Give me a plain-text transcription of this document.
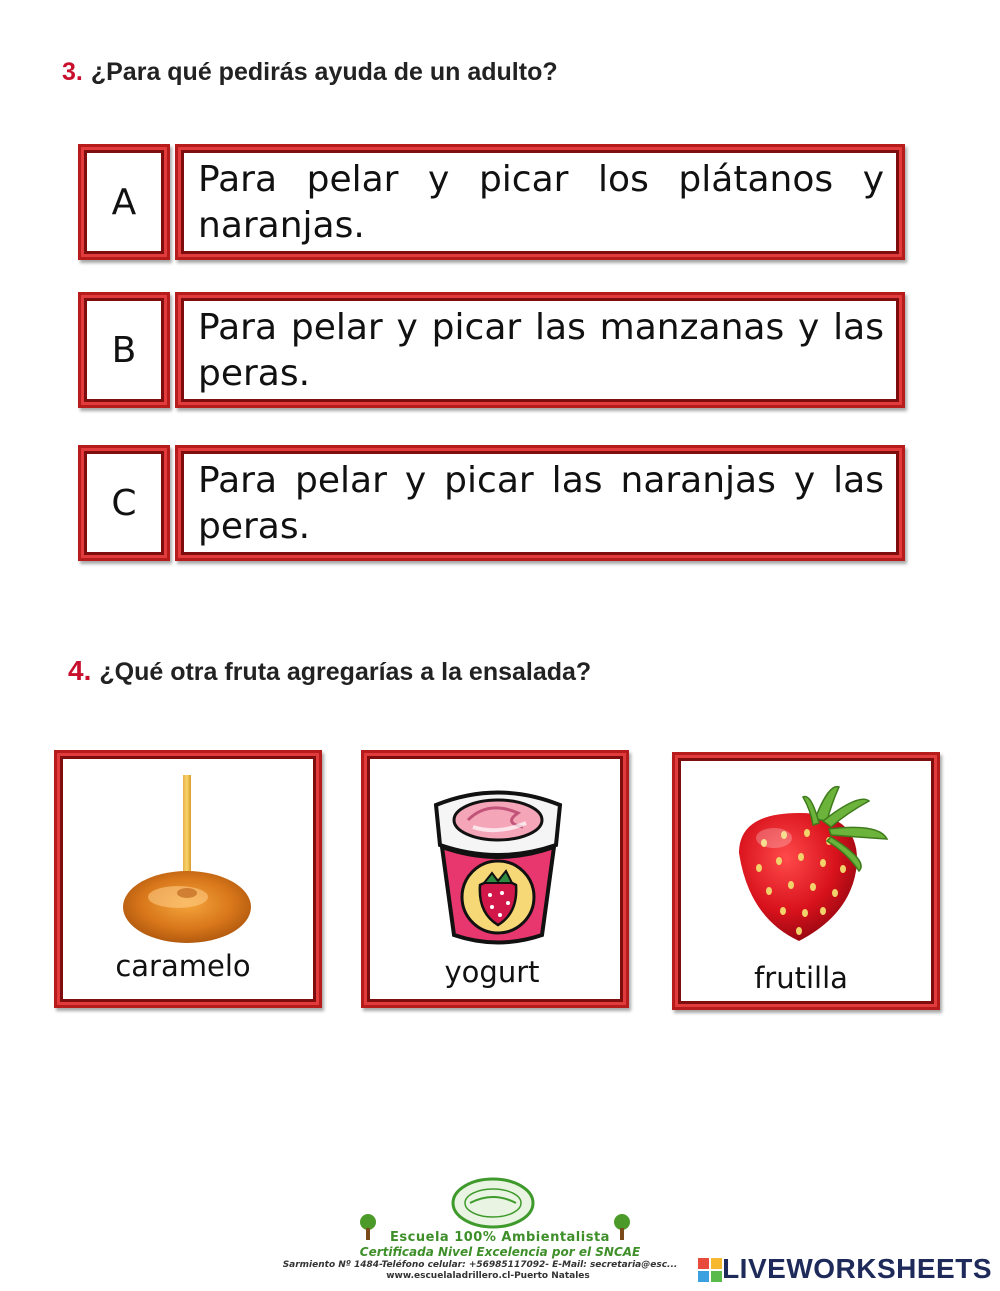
3. ¿Para qué pedirás ayuda de un adulto?
A
Para pelar y picar los plátanos y naranjas.
B
Para pelar y picar las manzanas y las peras.
C
Para pelar y picar las naranjas y las peras.
4. ¿Qué otra fruta agregarías a la ensalada?
caramelo	yogurt	frutilla
Escuela 100% Ambientalista
Certificada Nivel Excelencia por el SNCAE
Sarmiento Nº 1484-Teléfono celular: +56985117092- E-Mail: secretaria@esc...
www.escuelaladrillero.cl-Puerto Natales	LIVEWORKSHEETS
